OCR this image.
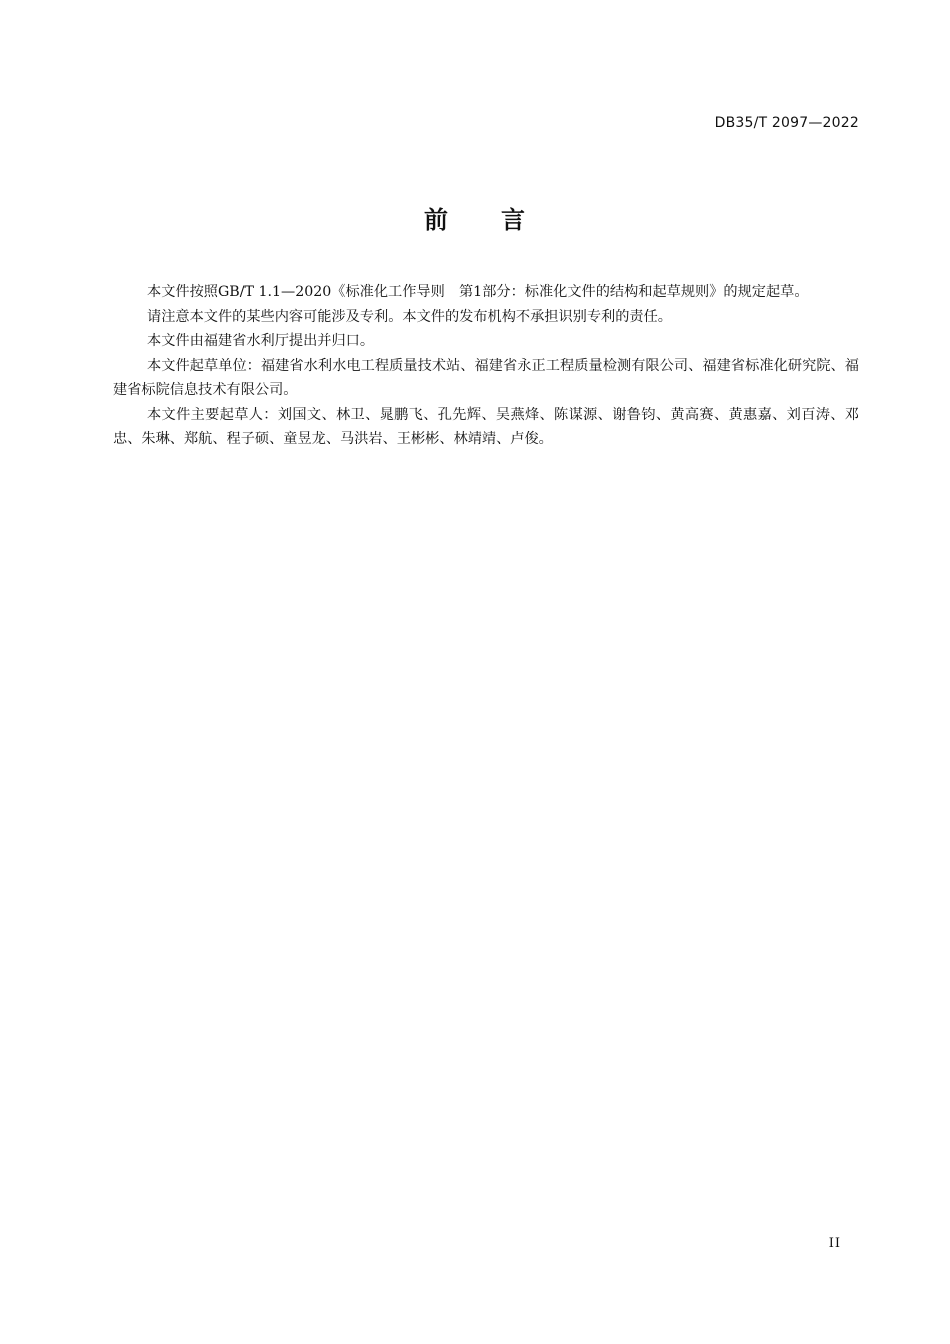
DB35/T 2097—2022
前 言

本文件按照GB/T 1.1—2020《标准化工作导则　第1部分：标准化文件的结构和起草规则》的规定起草。

请注意本文件的某些内容可能涉及专利。本文件的发布机构不承担识别专利的责任。

本文件由福建省水利厅提出并归口。

本文件起草单位：福建省水利水电工程质量技术站、福建省永正工程质量检测有限公司、福建省标准化研究院、福建省标院信息技术有限公司。

本文件主要起草人：刘国文、林卫、晁鹏飞、孔先辉、吴燕烽、陈谋源、谢鲁钧、黄高赛、黄惠嘉、刘百涛、邓忠、朱琳、郑航、程子硕、童昱龙、马洪岩、王彬彬、林靖靖、卢俊。

II
